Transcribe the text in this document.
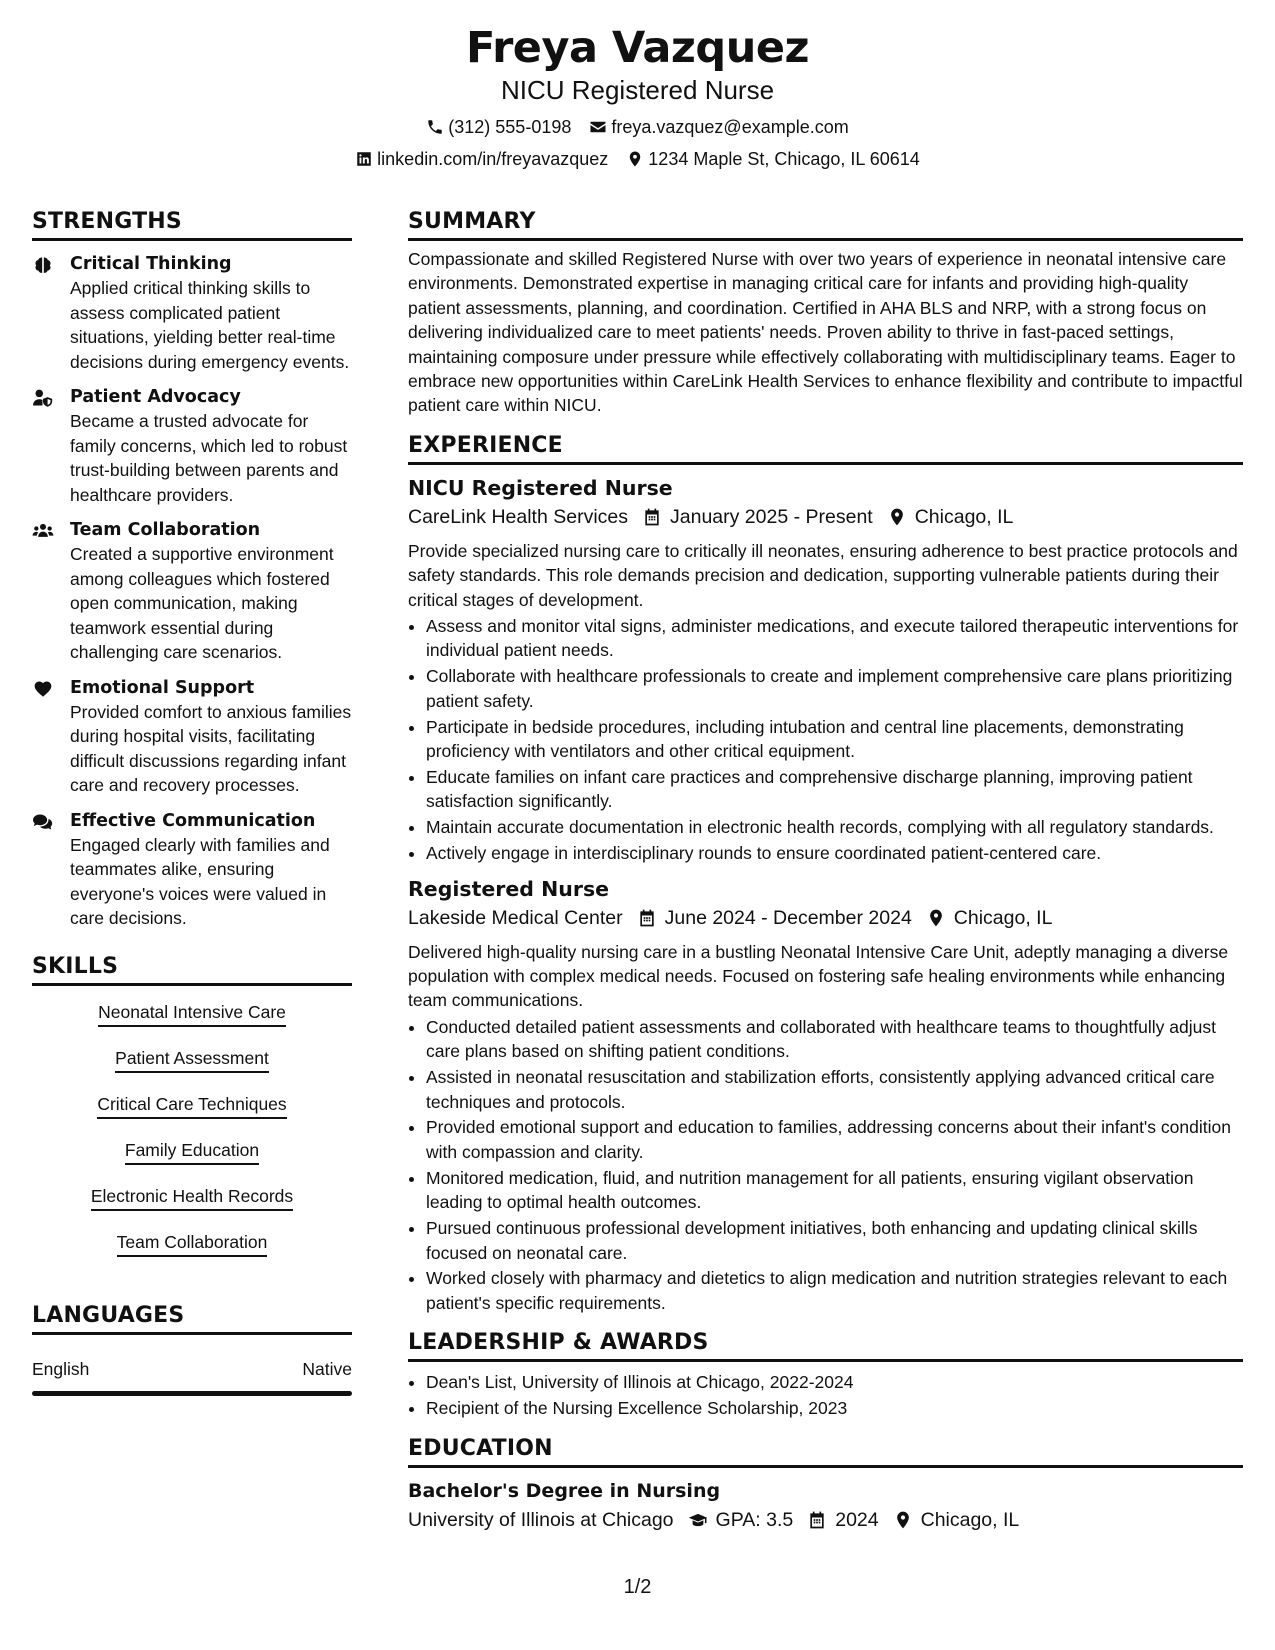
Freya Vazquez
NICU Registered Nurse
(312) 555-0198 freya.vazquez@example.com
linkedin.com/in/freyavazquez 1234 Maple St, Chicago, IL 60614
STRENGTHS
Critical Thinking
Applied critical thinking skills to assess complicated patient situations, yielding better real-time decisions during emergency events.
Patient Advocacy
Became a trusted advocate for family concerns, which led to robust trust-building between parents and healthcare providers.
Team Collaboration
Created a supportive environment among colleagues which fostered open communication, making teamwork essential during challenging care scenarios.
Emotional Support
Provided comfort to anxious families during hospital visits, facilitating difficult discussions regarding infant care and recovery processes.
Effective Communication
Engaged clearly with families and teammates alike, ensuring everyone's voices were valued in care decisions.
SKILLS
Neonatal Intensive Care
Patient Assessment
Critical Care Techniques
Family Education
Electronic Health Records
Team Collaboration
LANGUAGES
English	Native
SUMMARY
Compassionate and skilled Registered Nurse with over two years of experience in neonatal intensive care environments. Demonstrated expertise in managing critical care for infants and providing high-quality patient assessments, planning, and coordination. Certified in AHA BLS and NRP, with a strong focus on delivering individualized care to meet patients' needs. Proven ability to thrive in fast-paced settings, maintaining composure under pressure while effectively collaborating with multidisciplinary teams. Eager to embrace new opportunities within CareLink Health Services to enhance flexibility and contribute to impactful patient care within NICU.
EXPERIENCE
NICU Registered Nurse
CareLink Health Services January 2025 - Present Chicago, IL
Provide specialized nursing care to critically ill neonates, ensuring adherence to best practice protocols and safety standards. This role demands precision and dedication, supporting vulnerable patients during their critical stages of development.
• Assess and monitor vital signs, administer medications, and execute tailored therapeutic interventions for individual patient needs.
• Collaborate with healthcare professionals to create and implement comprehensive care plans prioritizing patient safety.
• Participate in bedside procedures, including intubation and central line placements, demonstrating proficiency with ventilators and other critical equipment.
• Educate families on infant care practices and comprehensive discharge planning, improving patient satisfaction significantly.
• Maintain accurate documentation in electronic health records, complying with all regulatory standards.
• Actively engage in interdisciplinary rounds to ensure coordinated patient-centered care.
Registered Nurse
Lakeside Medical Center June 2024 - December 2024 Chicago, IL
Delivered high-quality nursing care in a bustling Neonatal Intensive Care Unit, adeptly managing a diverse population with complex medical needs. Focused on fostering safe healing environments while enhancing team communications.
• Conducted detailed patient assessments and collaborated with healthcare teams to thoughtfully adjust care plans based on shifting patient conditions.
• Assisted in neonatal resuscitation and stabilization efforts, consistently applying advanced critical care techniques and protocols.
• Provided emotional support and education to families, addressing concerns about their infant's condition with compassion and clarity.
• Monitored medication, fluid, and nutrition management for all patients, ensuring vigilant observation leading to optimal health outcomes.
• Pursued continuous professional development initiatives, both enhancing and updating clinical skills focused on neonatal care.
• Worked closely with pharmacy and dietetics to align medication and nutrition strategies relevant to each patient's specific requirements.
LEADERSHIP & AWARDS
• Dean's List, University of Illinois at Chicago, 2022-2024
• Recipient of the Nursing Excellence Scholarship, 2023
EDUCATION
Bachelor's Degree in Nursing
University of Illinois at Chicago GPA: 3.5 2024 Chicago, IL
1/2
